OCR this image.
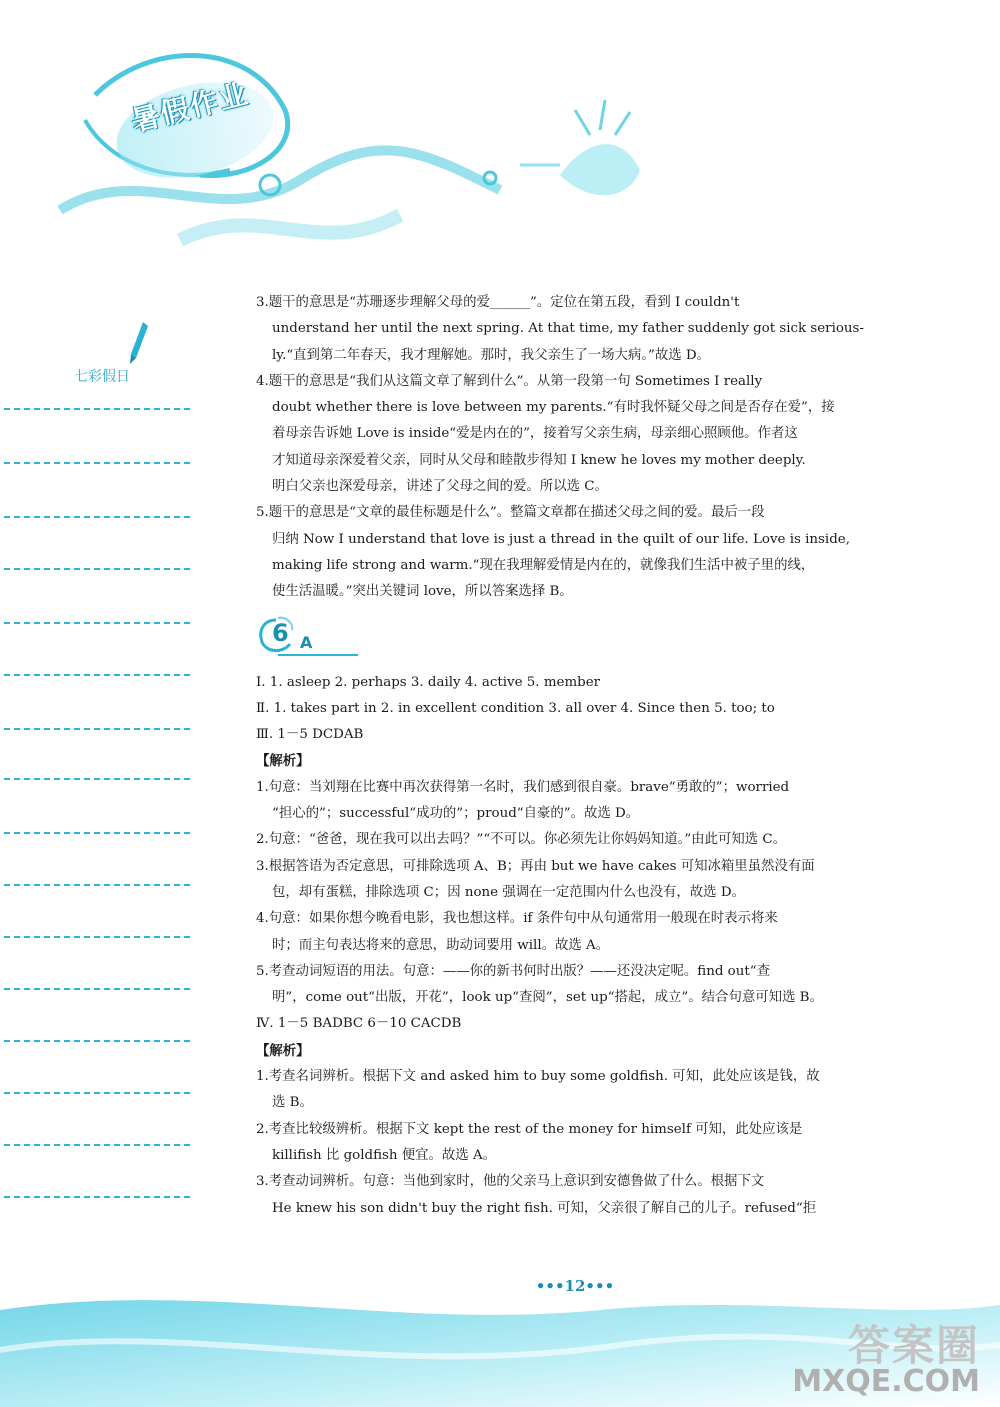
暑假作业
七彩假日

3.题干的意思是“苏珊逐步理解父母的爱______”。定位在第五段，看到 I couldn't

understand her until the next spring. At that time, my father suddenly got sick serious-

ly.“直到第二年春天，我才理解她。那时，我父亲生了一场大病。”故选 D。

4.题干的意思是“我们从这篇文章了解到什么”。从第一段第一句 Sometimes I really

doubt whether there is love between my parents.“有时我怀疑父母之间是否存在爱”，接

着母亲告诉她 Love is inside“爱是内在的”，接着写父亲生病，母亲细心照顾他。作者这

才知道母亲深爱着父亲，同时从父母和睦散步得知 I knew he loves my mother deeply.

明白父亲也深爱母亲，讲述了父母之间的爱。所以选 C。

5.题干的意思是“文章的最佳标题是什么”。整篇文章都在描述父母之间的爱。最后一段

归纳 Now I understand that love is just a thread in the quilt of our life. Love is inside,

making life strong and warm.“现在我理解爱情是内在的，就像我们生活中被子里的线，

使生活温暖。”突出关键词 love，所以答案选择 B。

6 A

Ⅰ. 1. asleep 2. perhaps 3. daily 4. active 5. member

Ⅱ. 1. takes part in 2. in excellent condition 3. all over 4. Since then 5. too; to

Ⅲ. 1－5 DCDAB

【解析】

1.句意：当刘翔在比赛中再次获得第一名时，我们感到很自豪。brave“勇敢的”；worried

“担心的”；successful“成功的”；proud“自豪的”。故选 D。

2.句意：“爸爸，现在我可以出去吗？”“不可以。你必须先让你妈妈知道。”由此可知选 C。

3.根据答语为否定意思，可排除选项 A、B；再由 but we have cakes 可知冰箱里虽然没有面

包，却有蛋糕，排除选项 C；因 none 强调在一定范围内什么也没有，故选 D。

4.句意：如果你想今晚看电影，我也想这样。if 条件句中从句通常用一般现在时表示将来

时；而主句表达将来的意思，助动词要用 will。故选 A。

5.考查动词短语的用法。句意：——你的新书何时出版？——还没决定呢。find out“查

明”，come out“出版，开花”，look up“查阅”，set up“搭起，成立”。结合句意可知选 B。

Ⅳ. 1－5 BADBC 6－10 CACDB

【解析】

1.考查名词辨析。根据下文 and asked him to buy some goldfish. 可知，此处应该是钱，故

选 B。

2.考查比较级辨析。根据下文 kept the rest of the money for himself 可知，此处应该是

killifish 比 goldfish 便宜。故选 A。

3.考查动词辨析。句意：当他到家时，他的父亲马上意识到安德鲁做了什么。根据下文

He knew his son didn't buy the right fish. 可知，父亲很了解自己的儿子。refused“拒

•••12•••
答案圈
MXQE.COM
